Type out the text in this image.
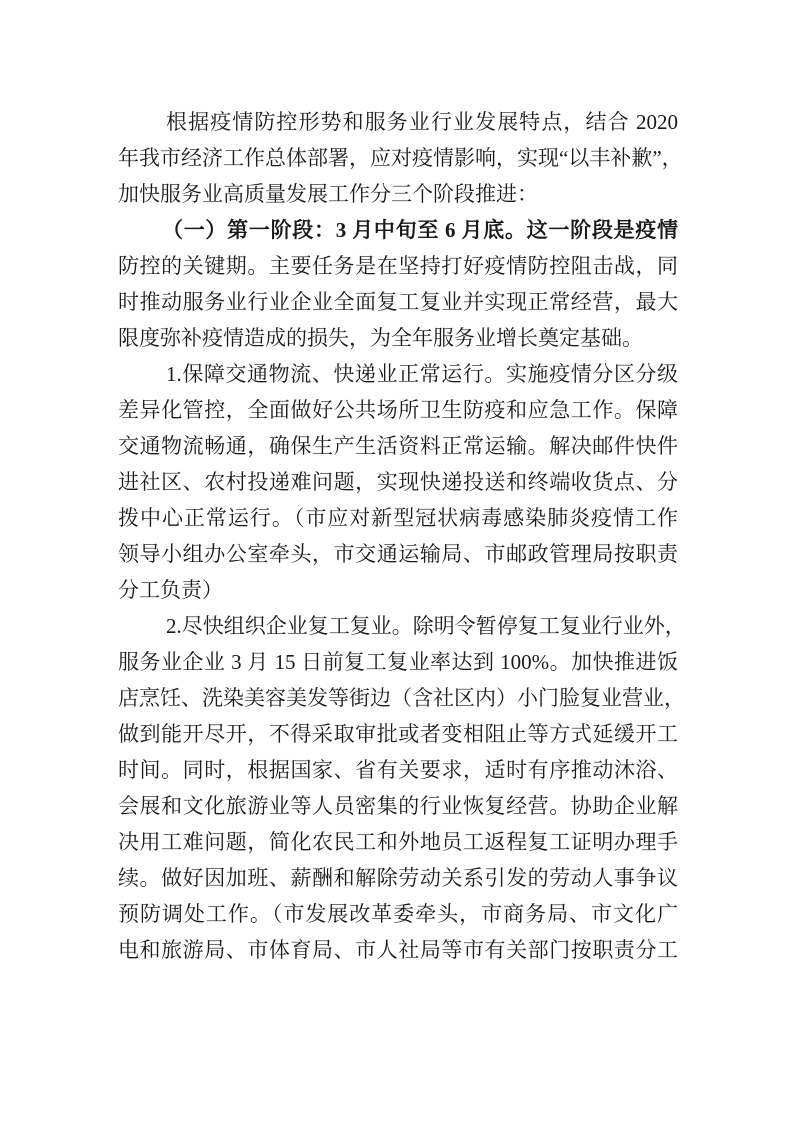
根据疫情防控形势和服务业行业发展特点，结合 2020
年我市经济工作总体部署，应对疫情影响，实现“以丰补歉”，
加快服务业高质量发展工作分三个阶段推进：
（一）第一阶段：3 月中旬至 6 月底。这一阶段是疫情
防控的关键期。主要任务是在坚持打好疫情防控阻击战，同
时推动服务业行业企业全面复工复业并实现正常经营，最大
限度弥补疫情造成的损失，为全年服务业增长奠定基础。
1.保障交通物流、快递业正常运行。实施疫情分区分级
差异化管控，全面做好公共场所卫生防疫和应急工作。保障
交通物流畅通，确保生产生活资料正常运输。解决邮件快件
进社区、农村投递难问题，实现快递投送和终端收货点、分
拨中心正常运行。（市应对新型冠状病毒感染肺炎疫情工作
领导小组办公室牵头，市交通运输局、市邮政管理局按职责
分工负责）
2.尽快组织企业复工复业。除明令暂停复工复业行业外，
服务业企业 3 月 15 日前复工复业率达到 100%。加快推进饭
店烹饪、洗染美容美发等街边（含社区内）小门脸复业营业，
做到能开尽开，不得采取审批或者变相阻止等方式延缓开工
时间。同时，根据国家、省有关要求，适时有序推动沐浴、
会展和文化旅游业等人员密集的行业恢复经营。协助企业解
决用工难问题，简化农民工和外地员工返程复工证明办理手
续。做好因加班、薪酬和解除劳动关系引发的劳动人事争议
预防调处工作。（市发展改革委牵头，市商务局、市文化广
电和旅游局、市体育局、市人社局等市有关部门按职责分工
